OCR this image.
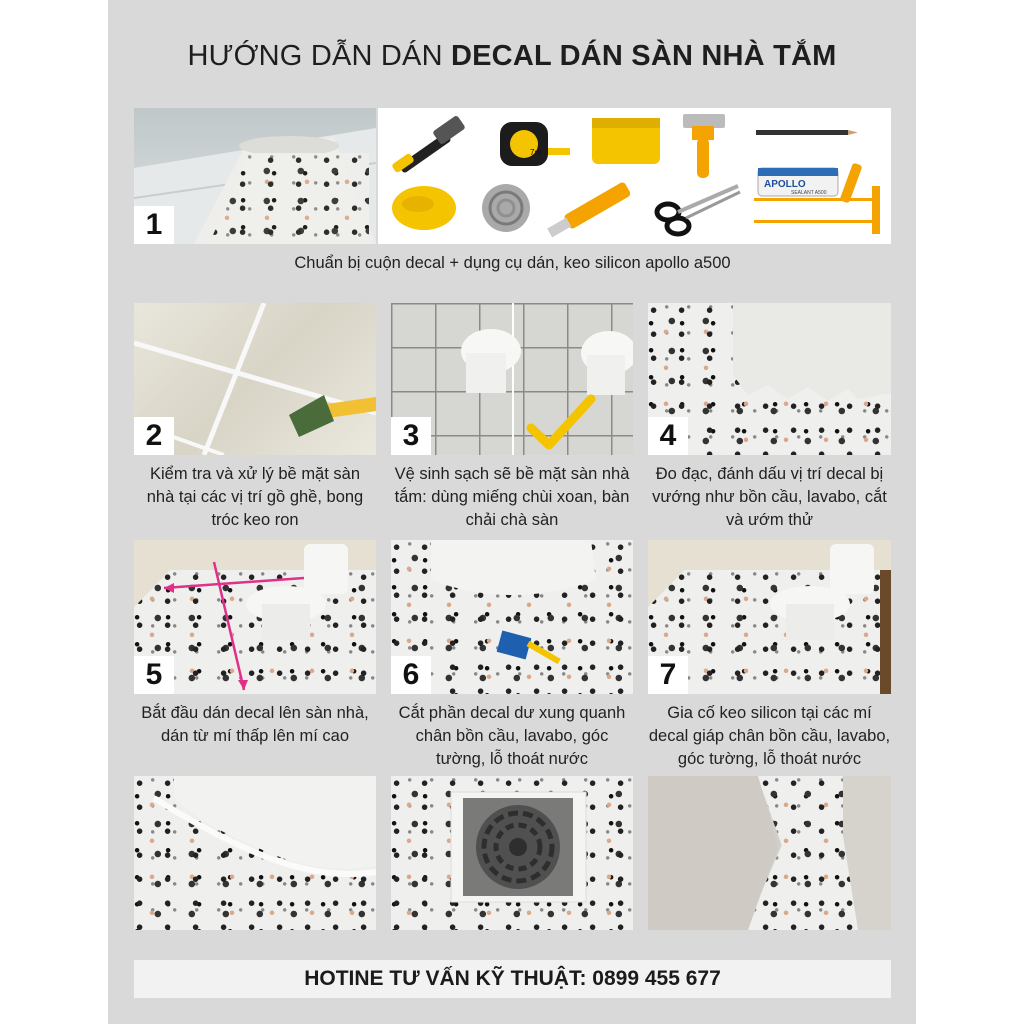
HƯỚNG DẪN DÁN DECAL DÁN SÀN NHÀ TẮM
1
7m
APOLLO
SEALANT A500
Chuẩn bị cuộn decal + dụng cụ dán, keo silicon apollo a500
2	3	4
Kiểm tra và xử lý bề mặt sàn nhà tại các vị trí gồ ghề, bong tróc keo ron
Vệ sinh sạch sẽ bề mặt sàn nhà tắm: dùng miếng chùi xoan, bàn chải chà sàn
Đo đạc, đánh dấu vị trí decal bị vướng như bồn cầu, lavabo, cắt và ướm thử
5	6	7
Bắt đầu dán decal lên sàn nhà, dán từ mí thấp lên mí cao
Cắt phần decal dư xung quanh chân bồn cầu, lavabo, góc tường, lỗ thoát nước
Gia cố keo silicon tại các mí decal giáp chân bồn cầu, lavabo, góc tường, lỗ thoát nước
HOTINE TƯ VẤN KỸ THUẬT: 0899 455 677
